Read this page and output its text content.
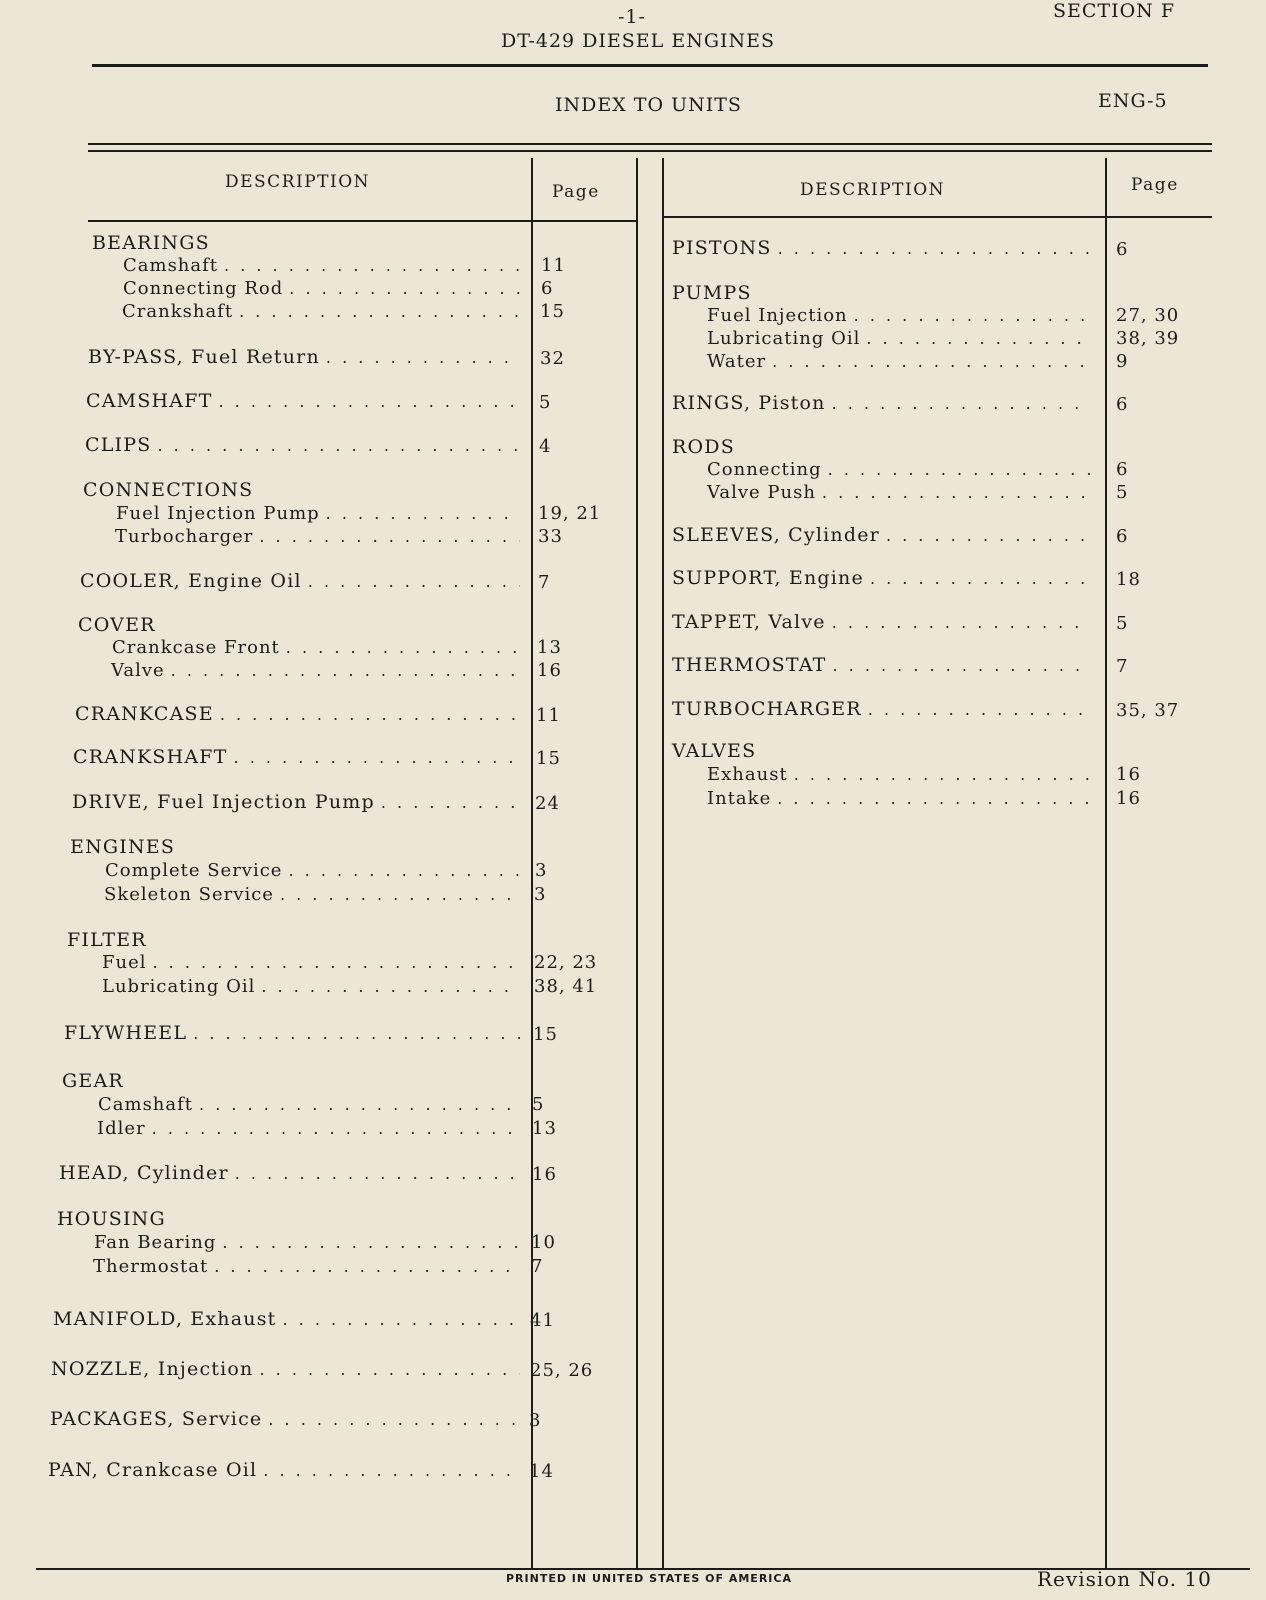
-1-	SECTION F
DT-429 DIESEL ENGINES
INDEX TO UNITS	ENG-5
DESCRIPTION	Page	DESCRIPTION	Page
BEARINGS
Camshaft . . .	11
Connecting Rod . . .	6
Crankshaft . . .	15
BY-PASS, Fuel Return . . .	32
CAMSHAFT . . .	5
CLIPS . . .	4
CONNECTIONS
Fuel Injection Pump . . .	19, 21
Turbocharger . . .	33
COOLER, Engine Oil . . .	7
COVER
Crankcase Front . . .	13
Valve . . .	16
CRANKCASE . . .	11
CRANKSHAFT . . .	15
DRIVE, Fuel Injection Pump . . .	24
ENGINES
Complete Service . . .	3
Skeleton Service . . .	3
FILTER
Fuel . . .	22, 23
Lubricating Oil . . .	38, 41
FLYWHEEL . . .	15
GEAR
Camshaft . . .	5
Idler . . .	13
HEAD, Cylinder . . .	16
HOUSING
Fan Bearing . . .	10
Thermostat . . .	7
MANIFOLD, Exhaust . . .	41
NOZZLE, Injection . . .	25, 26
PACKAGES, Service . . .	3
PAN, Crankcase Oil . . .	14
PISTONS . . .	6
PUMPS
Fuel Injection . . .	27, 30
Lubricating Oil . . .	38, 39
Water . . .	9
RINGS, Piston . . .	6
RODS
Connecting . . .	6
Valve Push . . .	5
SLEEVES, Cylinder . . .	6
SUPPORT, Engine . . .	18
TAPPET, Valve . . .	5
THERMOSTAT . . .	7
TURBOCHARGER . . .	35, 37
VALVES
Exhaust . . .	16
Intake . . .	16
PRINTED IN UNITED STATES OF AMERICA	Revision No. 10
